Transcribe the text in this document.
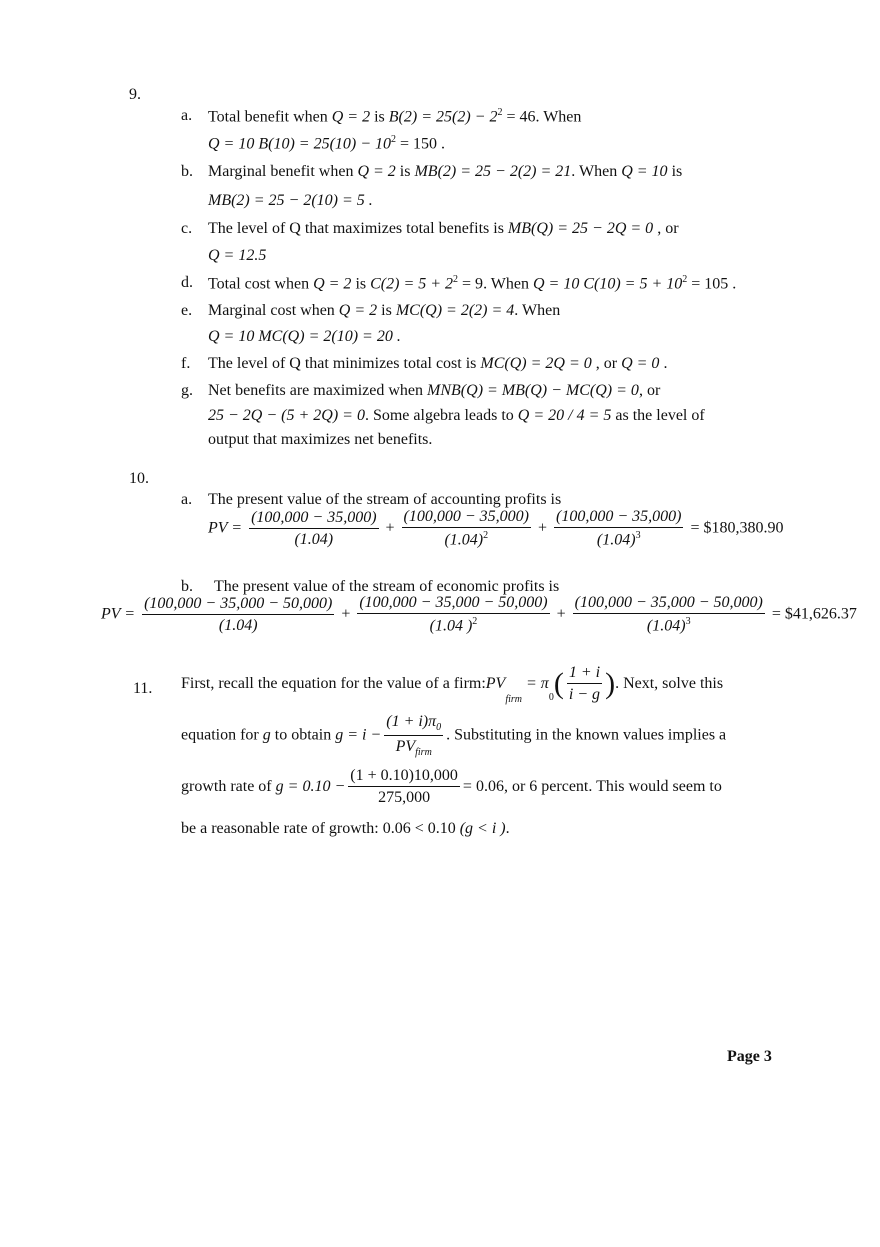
9.
a. Total benefit when Q = 2 is $B(2) = 25(2) - 2^2 = 46$. When
Q = 10 $B(10) = 25(10) - 10^2 = 150$ .
b. Marginal benefit when Q = 2 is MB(2) = 25 − 2(2) = 21. When Q = 10 is
MB(2) = 25 − 2(10) = 5 .
c. The level of Q that maximizes total benefits is MB(Q) = 25 − 2Q = 0 , or
Q = 12.5
d. Total cost when Q = 2 is $C(2) = 5 + 2^2 = 9$. When Q = 10 $C(10) = 5 + 10^2 = 105$ .
e. Marginal cost when Q = 2 is MC(Q) = 2(2) = 4. When
Q = 10 MC(Q) = 2(10) = 20 .
f. The level of Q that minimizes total cost is MC(Q) = 2Q = 0 , or Q = 0 .
g. Net benefits are maximized when MNB(Q) = MB(Q) − MC(Q) = 0, or
25 − 2Q − (5 + 2Q) = 0. Some algebra leads to Q = 20 / 4 = 5 as the level of
output that maximizes net benefits.
10.
a. The present value of the stream of accounting profits is
PV = $\frac{(100,000 - 35,000)}{(1.04)} + \frac{(100,000 - 35,000)}{(1.04)^2} + \frac{(100,000 - 35,000)}{(1.04)^3}$ = $180,380.90
b. The present value of the stream of economic profits is
PV = $\frac{(100,000 - 35,000 - 50,000)}{(1.04)} + \frac{(100,000 - 35,000 - 50,000)}{(1.04 )^2} + \frac{(100,000 - 35,000 - 50,000)}{(1.04)^3}$ = $41,626.37
11. First, recall the equation for the value of a $firm:PV_{firm} = \pi_0( \frac{1 + i}{i - g}$ ). Next, solve this
equation for g to obtain $g = i - \frac{(1 + i)\pi_0}{PV_{firm}}$ . Substituting in the known values implies a
growth rate of $g = 0.10 - \frac{(1 + 0.10)10,000}{275,000} = 0.06$, or 6 percent. This would seem to
be a reasonable rate of growth: 0.06 < 0.10 (g < i ).
Page 3
